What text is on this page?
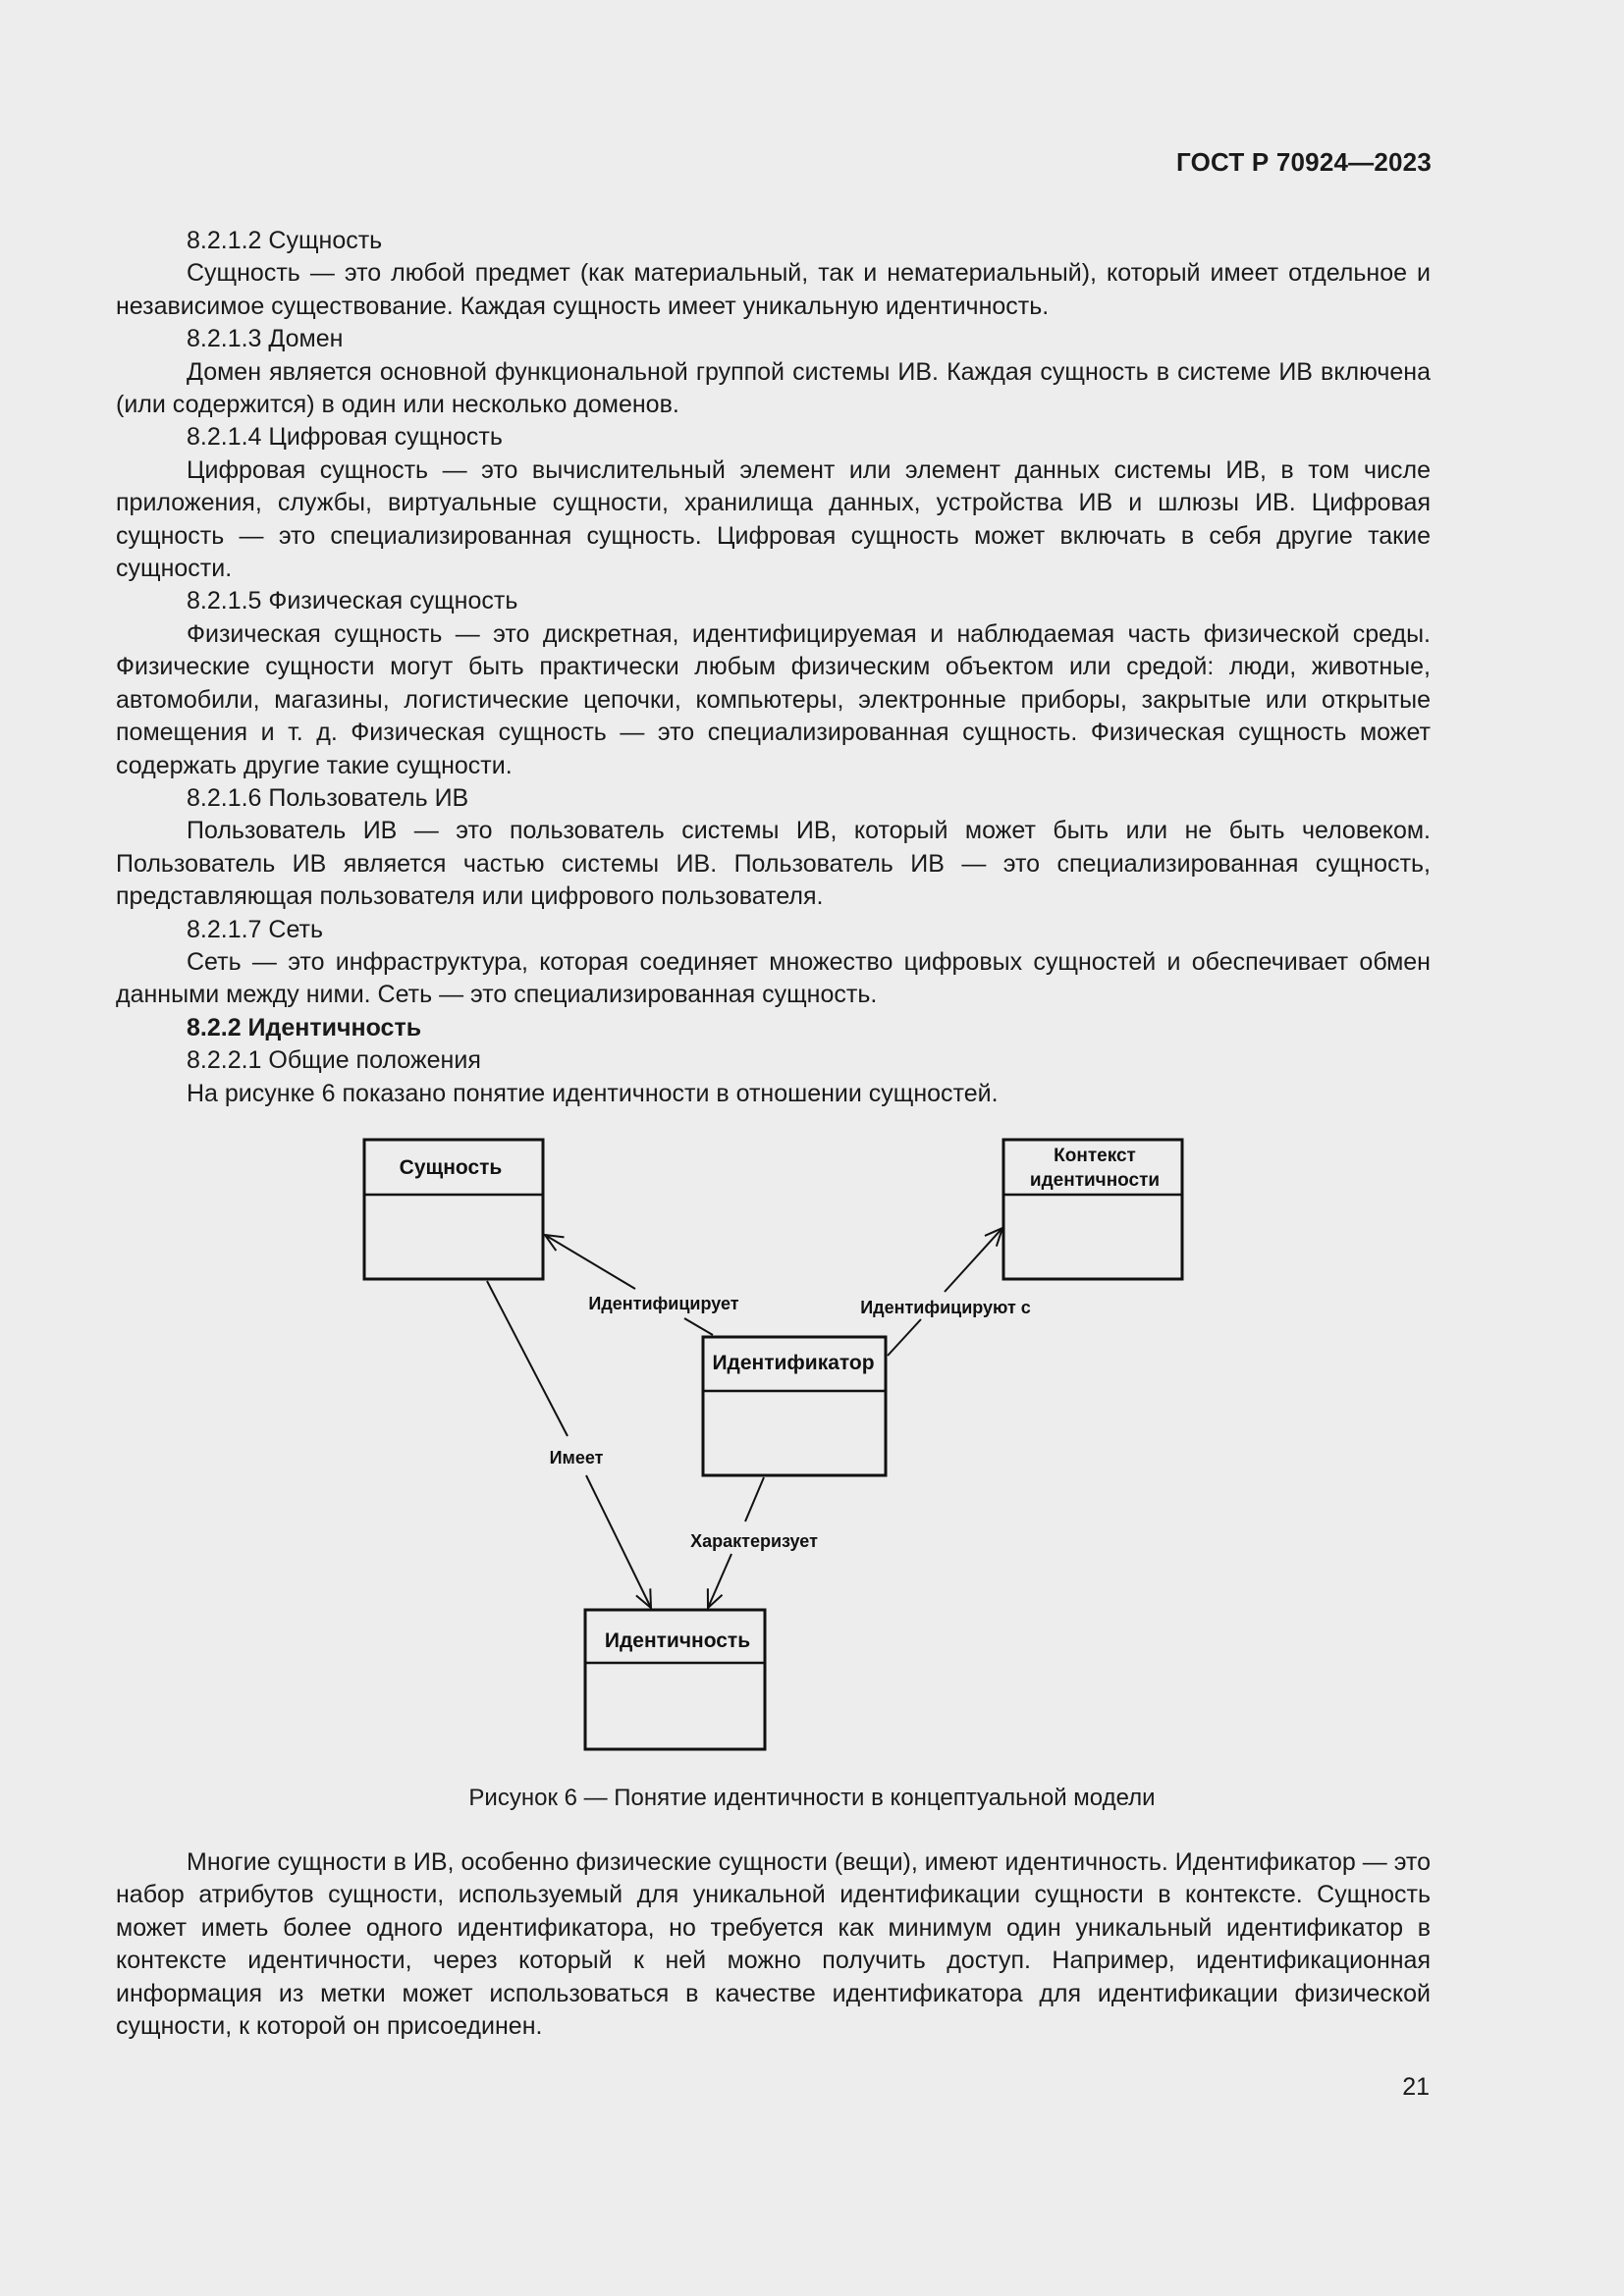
ГОСТ Р 70924—2023

8.2.1.2 Сущность

Сущность — это любой предмет (как материальный, так и нематериальный), который имеет отдельное и независимое существование. Каждая сущность имеет уникальную идентичность.

8.2.1.3 Домен

Домен является основной функциональной группой системы ИВ. Каждая сущность в системе ИВ включена (или содержится) в один или несколько доменов.

8.2.1.4 Цифровая сущность

Цифровая сущность — это вычислительный элемент или элемент данных системы ИВ, в том числе приложения, службы, виртуальные сущности, хранилища данных, устройства ИВ и шлюзы ИВ. Цифровая сущность — это специализированная сущность. Цифровая сущность может включать в себя другие такие сущности.

8.2.1.5 Физическая сущность

Физическая сущность — это дискретная, идентифицируемая и наблюдаемая часть физической среды. Физические сущности могут быть практически любым физическим объектом или средой: люди, животные, автомобили, магазины, логистические цепочки, компьютеры, электронные приборы, закрытые или открытые помещения и т. д. Физическая сущность — это специализированная сущность. Физическая сущность может содержать другие такие сущности.

8.2.1.6 Пользователь ИВ

Пользователь ИВ — это пользователь системы ИВ, который может быть или не быть человеком. Пользователь ИВ является частью системы ИВ. Пользователь ИВ — это специализированная сущность, представляющая пользователя или цифрового пользователя.

8.2.1.7 Сеть

Сеть — это инфраструктура, которая соединяет множество цифровых сущностей и обеспечивает обмен данными между ними. Сеть — это специализированная сущность.

8.2.2 Идентичность

8.2.2.1 Общие положения

На рисунке 6 показано понятие идентичности в отношении сущностей.

Сущность
Контекст
идентичности
Идентификатор
Идентичность
Идентифицирует	Идентифицируют с
Имеет
Характеризует
Рисунок 6 — Понятие идентичности в концептуальной модели

Многие сущности в ИВ, особенно физические сущности (вещи), имеют идентичность. Идентификатор — это набор атрибутов сущности, используемый для уникальной идентификации сущности в контексте. Сущность может иметь более одного идентификатора, но требуется как минимум один уникальный идентификатор в контексте идентичности, через который к ней можно получить доступ. Например, идентификационная информация из метки может использоваться в качестве идентификатора для идентификации физической сущности, к которой он присоединен.

21
